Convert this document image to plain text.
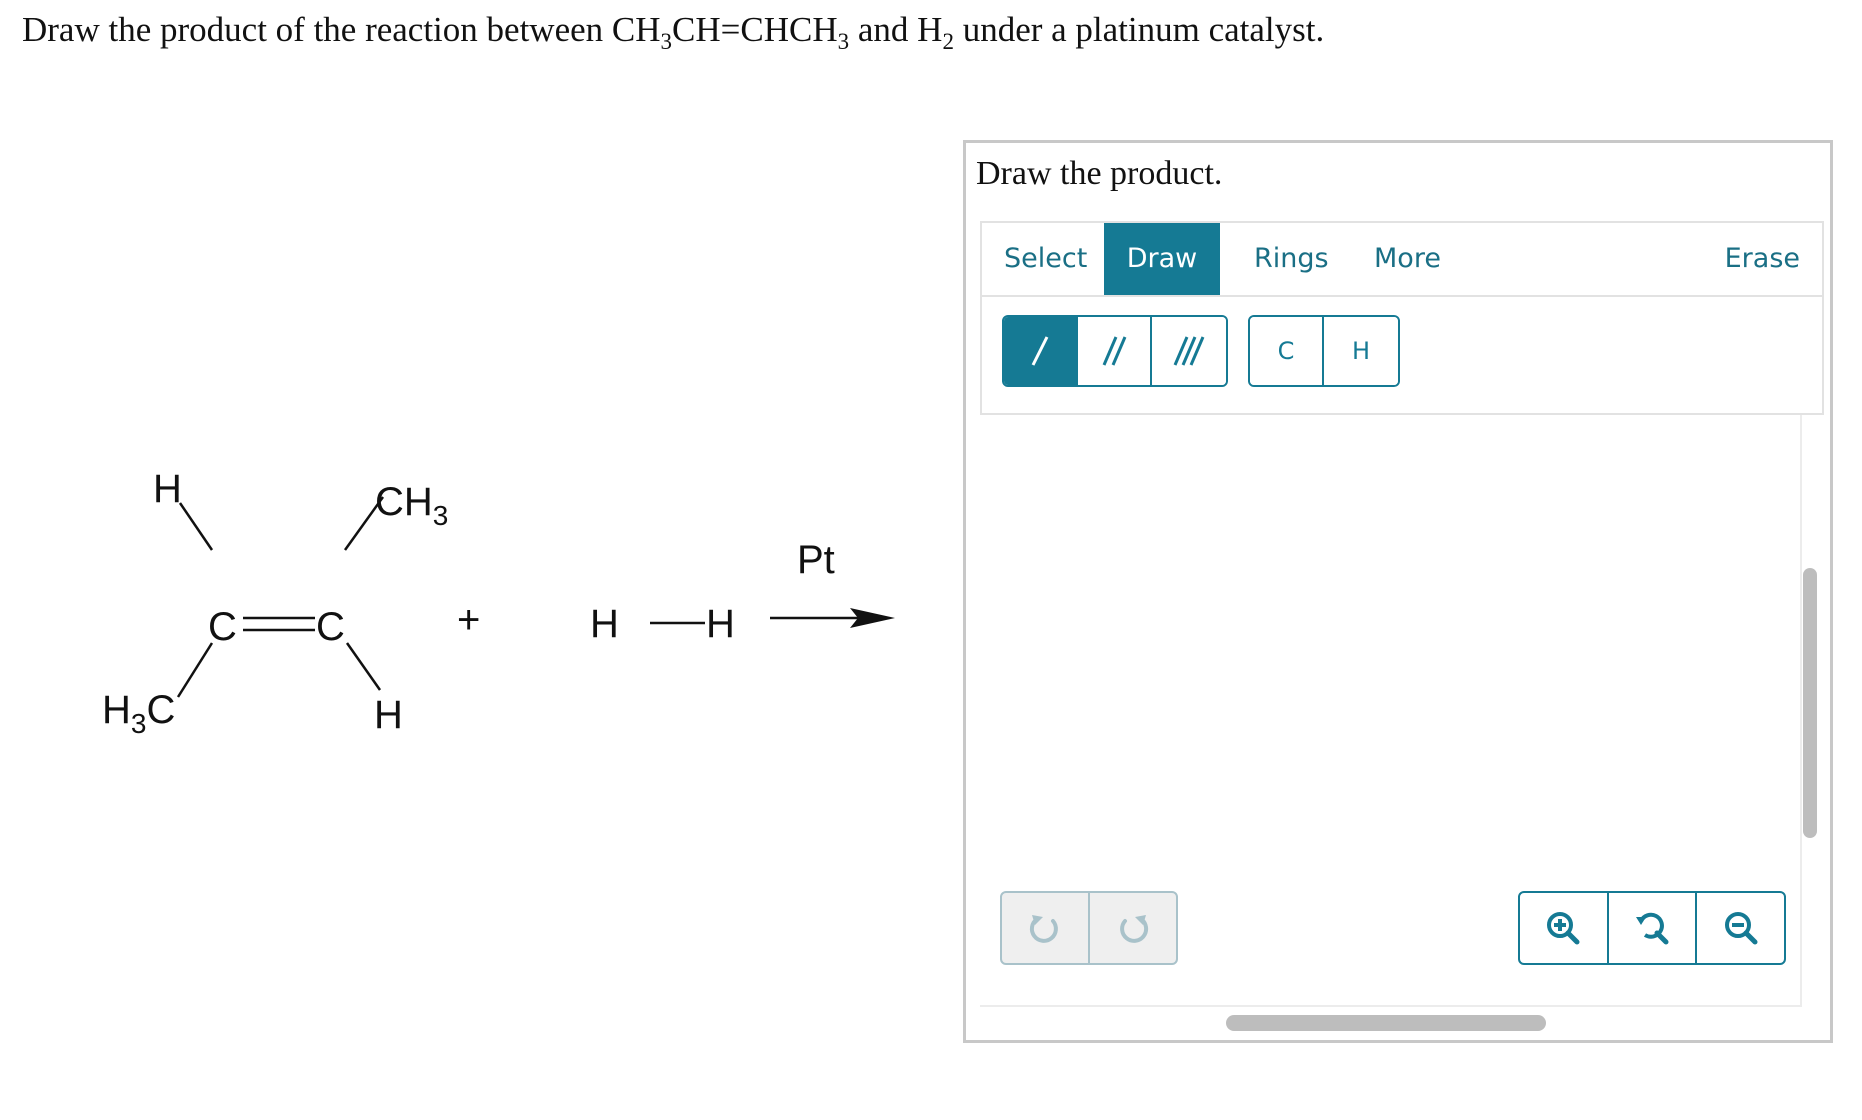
Draw the product of the reaction between $CH_3CH=CHCH_3$ and $H_2$ under a platinum catalyst.
H	$CH_3$
C C
$H_3C$	H
+	H H
Pt
Draw the product.
Select	Draw	Rings	More	Erase
C	H
